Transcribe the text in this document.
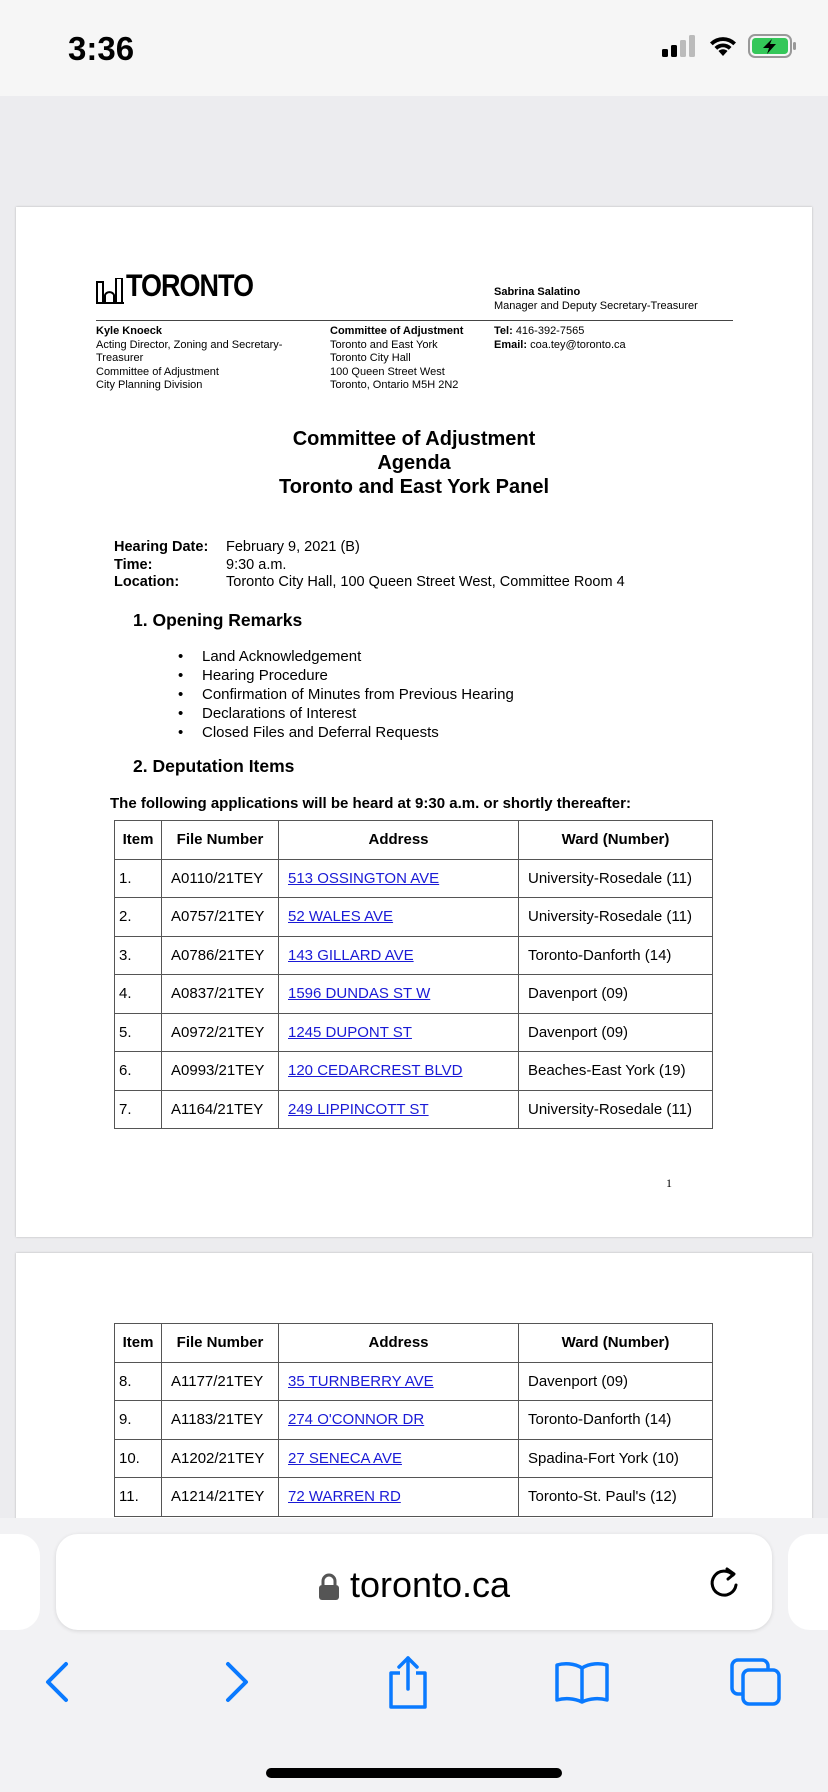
3:36
TORONTO	Sabrina Salatino
Manager and Deputy Secretary-Treasurer
Kyle Knoeck
Acting Director, Zoning and Secretary-
Treasurer
Committee of Adjustment
City Planning Division
Committee of Adjustment
Toronto and East York
Toronto City Hall
100 Queen Street West
Toronto, Ontario M5H 2N2
Tel: 416-392-7565
Email: coa.tey@toronto.ca
Committee of Adjustment
Agenda
Toronto and East York Panel
Hearing Date:	February 9, 2021 (B)
Time:	9:30 a.m.
Location:	Toronto City Hall, 100 Queen Street West, Committee Room 4
1. Opening Remarks
• Land Acknowledgement
• Hearing Procedure
• Confirmation of Minutes from Previous Hearing
• Declarations of Interest
• Closed Files and Deferral Requests
2. Deputation Items
The following applications will be heard at 9:30 a.m. or shortly thereafter:
Item	File Number	Address	Ward (Number)
1.	A0110/21TEY	513 OSSINGTON AVE	University-Rosedale (11)
2.	A0757/21TEY	52 WALES AVE	University-Rosedale (11)
3.	A0786/21TEY	143 GILLARD AVE	Toronto-Danforth (14)
4.	A0837/21TEY	1596 DUNDAS ST W	Davenport (09)
5.	A0972/21TEY	1245 DUPONT ST	Davenport (09)
6.	A0993/21TEY	120 CEDARCREST BLVD	Beaches-East York (19)
7.	A1164/21TEY	249 LIPPINCOTT ST	University-Rosedale (11)
1
Item	File Number	Address	Ward (Number)
8.	A1177/21TEY	35 TURNBERRY AVE	Davenport (09)
9.	A1183/21TEY	274 O'CONNOR DR	Toronto-Danforth (14)
10.	A1202/21TEY	27 SENECA AVE	Spadina-Fort York (10)
11.	A1214/21TEY	72 WARREN RD	Toronto-St. Paul's (12)
toronto.ca
